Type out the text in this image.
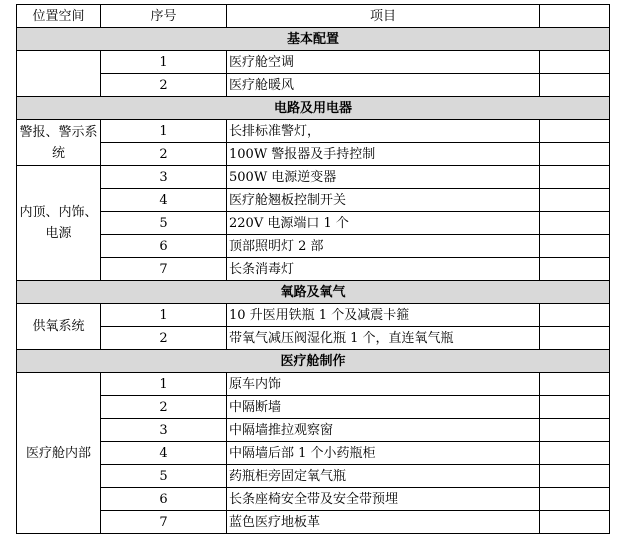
位置空间	序号	项目	
基本配置			
	1	医疗舱空调	
	2	医疗舱暖风	
电路及用电器			
警报、警示系统	1	长排标准警灯，	
	2	100W 警报器及手持控制	
内顶、内饰、电源	3	500W 电源逆变器	
	4	医疗舱翘板控制开关	
	5	220V 电源端口 1 个	
	6	顶部照明灯 2 部	
	7	长条消毒灯	
氧路及氧气			
供氧系统	1	10 升医用铁瓶 1 个及减震卡箍	
	2	带氧气减压阀湿化瓶 1 个，直连氧气瓶	
医疗舱制作			
医疗舱内部	1	原车内饰	
	2	中隔断墙	
	3	中隔墙推拉观察窗	
	4	中隔墙后部 1 个小药瓶柜	
	5	药瓶柜旁固定氧气瓶	
	6	长条座椅安全带及安全带预埋	
	7	蓝色医疗地板革	
